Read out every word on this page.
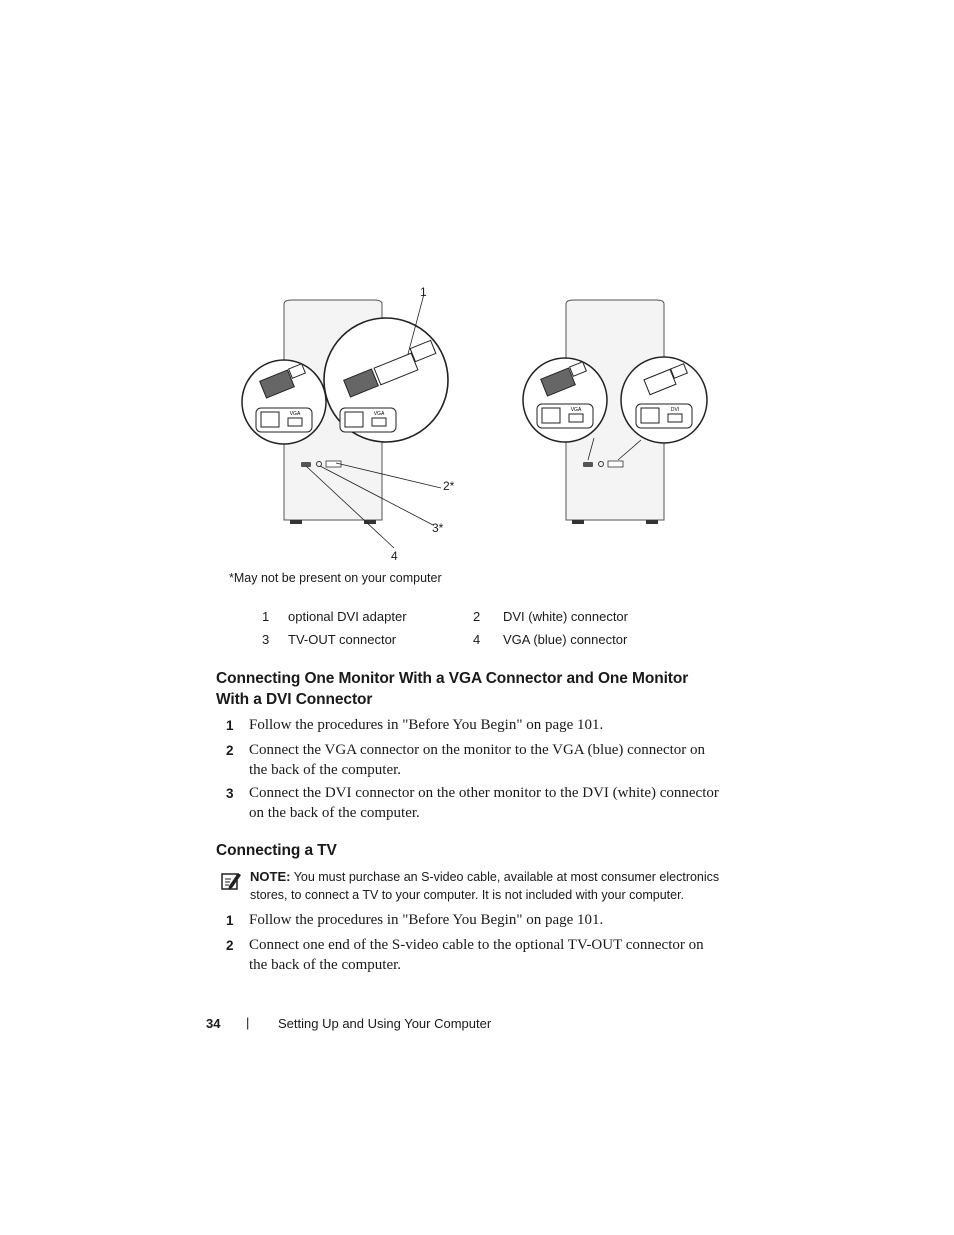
VGA	VGA
VGA	DVI
1
2*
3*
4
*May not be present on your computer
1 optional DVI adapter	2 DVI (white) connector
3 TV-OUT connector	4 VGA (blue) connector
Connecting One Monitor With a VGA Connector and One Monitor With a DVI Connector
1 Follow the procedures in "Before You Begin" on page 101.
2 Connect the VGA connector on the monitor to the VGA (blue) connector on the back of the computer.
3 Connect the DVI connector on the other monitor to the DVI (white) connector on the back of the computer.
Connecting a TV
NOTE: You must purchase an S-video cable, available at most consumer electronics stores, to connect a TV to your computer. It is not included with your computer.
1 Follow the procedures in "Before You Begin" on page 101.
2 Connect one end of the S-video cable to the optional TV-OUT connector on the back of the computer.
34 | Setting Up and Using Your Computer
